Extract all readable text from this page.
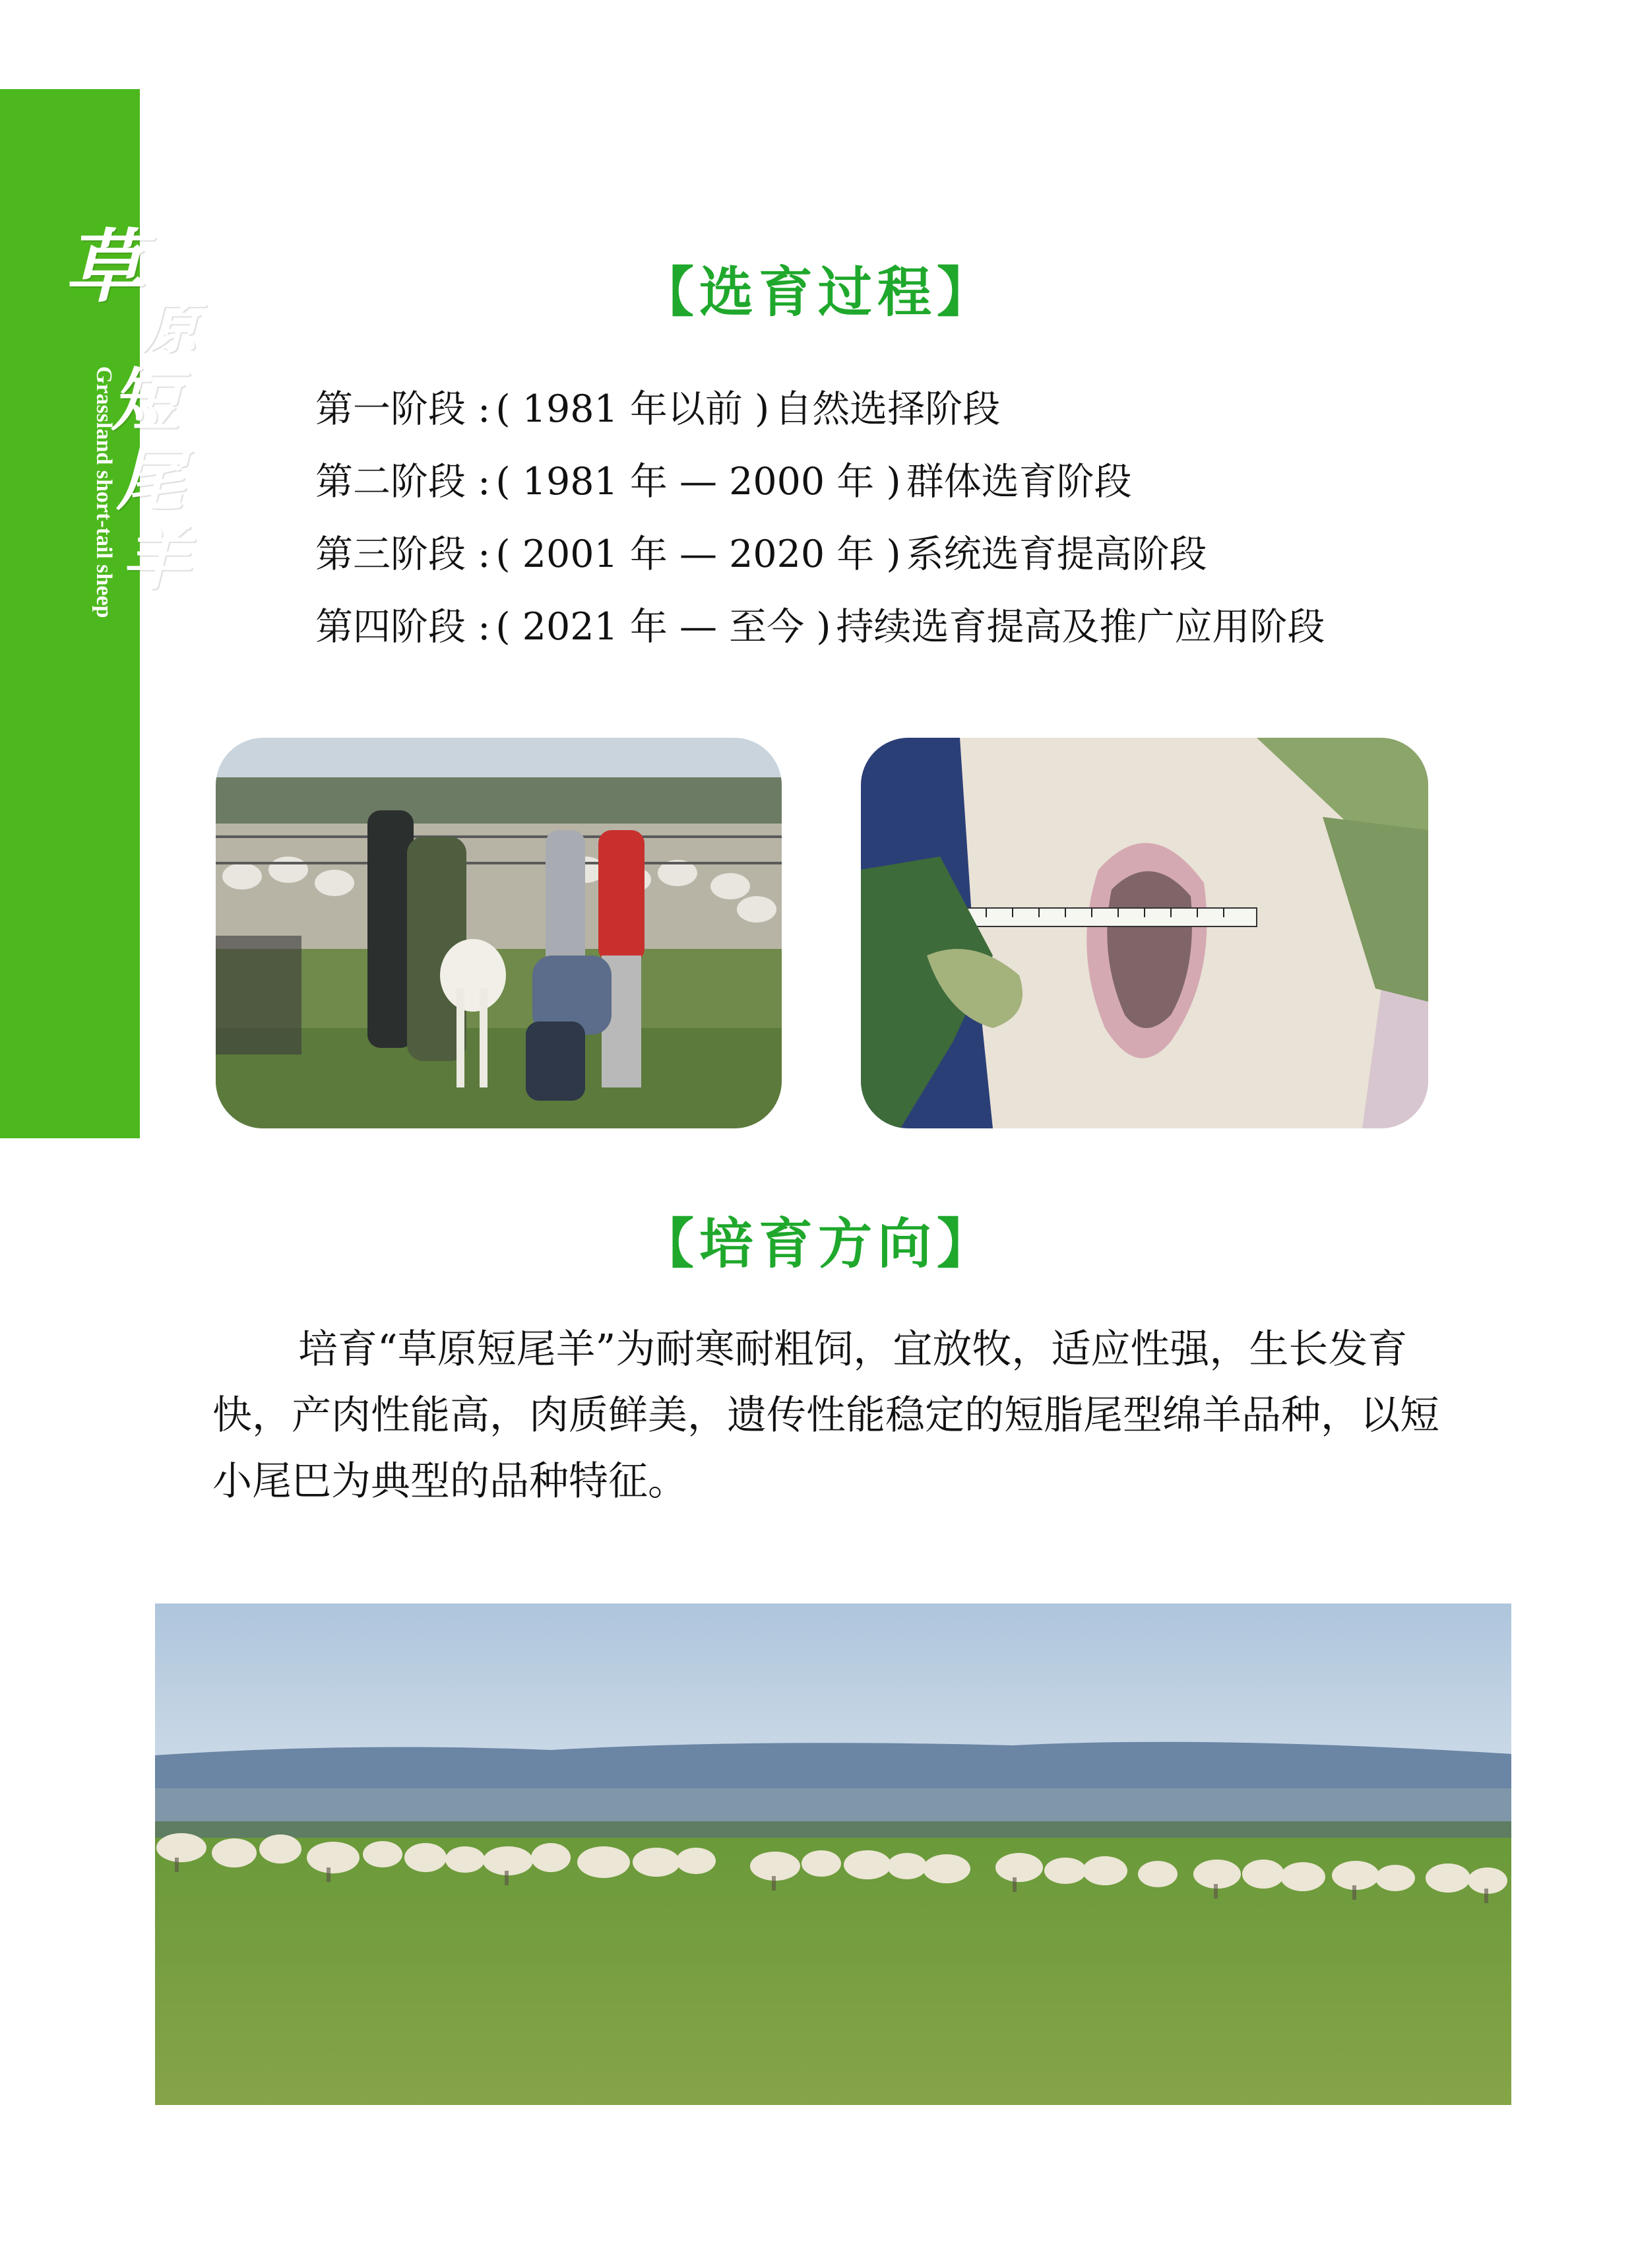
草
原
短
尾
羊
Grassland short-tail sheep
【选育过程】
第一阶段 : ( 1981 年以前 ) 自然选择阶段
第二阶段 : ( 1981 年 — 2000 年 ) 群体选育阶段
第三阶段 : ( 2001 年 — 2020 年 ) 系统选育提高阶段
第四阶段 : ( 2021 年 — 至今 ) 持续选育提高及推广应用阶段
【培育方向】

培育“草原短尾羊”为耐寒耐粗饲，宜放牧，适应性强，生长发育快，产肉性能高，肉质鲜美，遗传性能稳定的短脂尾型绵羊品种，以短小尾巴为典型的品种特征。
